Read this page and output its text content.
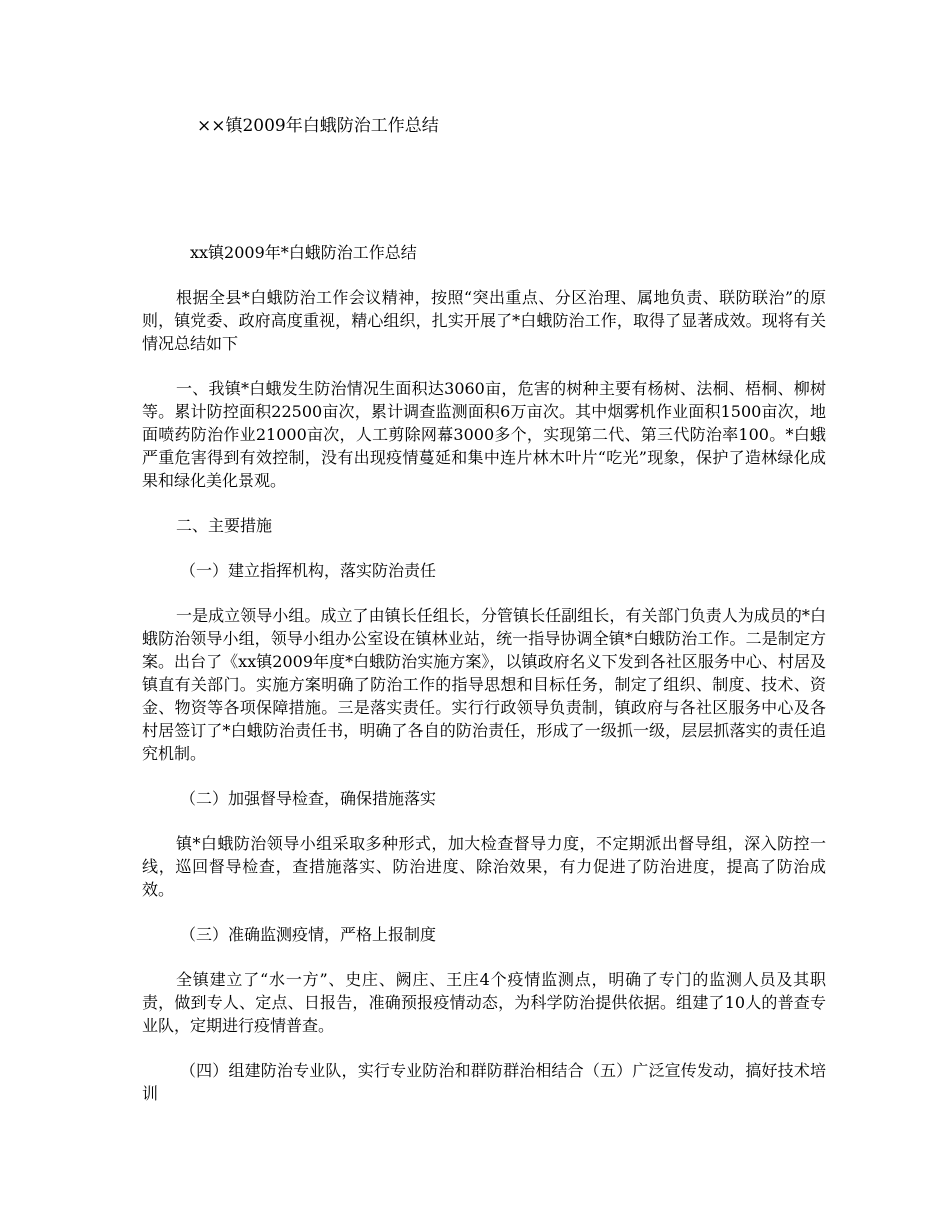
××镇2009年白蛾防治工作总结
xx镇2009年*白蛾防治工作总结

根据全县*白蛾防治工作会议精神，按照“突出重点、分区治理、属地负责、联防联治”的原则，镇党委、政府高度重视，精心组织，扎实开展了*白蛾防治工作，取得了显著成效。现将有关情况总结如下

一、我镇*白蛾发生防治情况生面积达3060亩，危害的树种主要有杨树、法桐、梧桐、柳树等。累计防控面积22500亩次，累计调查监测面积6万亩次。其中烟雾机作业面积1500亩次，地面喷药防治作业21000亩次，人工剪除网幕3000多个，实现第二代、第三代防治率100。*白蛾严重危害得到有效控制，没有出现疫情蔓延和集中连片林木叶片“吃光”现象，保护了造林绿化成果和绿化美化景观。

二、主要措施

（一）建立指挥机构，落实防治责任

一是成立领导小组。成立了由镇长任组长，分管镇长任副组长，有关部门负责人为成员的*白蛾防治领导小组，领导小组办公室设在镇林业站，统一指导协调全镇*白蛾防治工作。二是制定方案。出台了《xx镇2009年度*白蛾防治实施方案》，以镇政府名义下发到各社区服务中心、村居及镇直有关部门。实施方案明确了防治工作的指导思想和目标任务，制定了组织、制度、技术、资金、物资等各项保障措施。三是落实责任。实行行政领导负责制，镇政府与各社区服务中心及各村居签订了*白蛾防治责任书，明确了各自的防治责任，形成了一级抓一级，层层抓落实的责任追究机制。

（二）加强督导检查，确保措施落实

镇*白蛾防治领导小组采取多种形式，加大检查督导力度，不定期派出督导组，深入防控一线，巡回督导检查，查措施落实、防治进度、除治效果，有力促进了防治进度，提高了防治成效。

（三）准确监测疫情，严格上报制度

全镇建立了“水一方”、史庄、阙庄、王庄4个疫情监测点，明确了专门的监测人员及其职责，做到专人、定点、日报告，准确预报疫情动态，为科学防治提供依据。组建了10人的普查专业队，定期进行疫情普查。

（四）组建防治专业队，实行专业防治和群防群治相结合（五）广泛宣传发动，搞好技术培训
